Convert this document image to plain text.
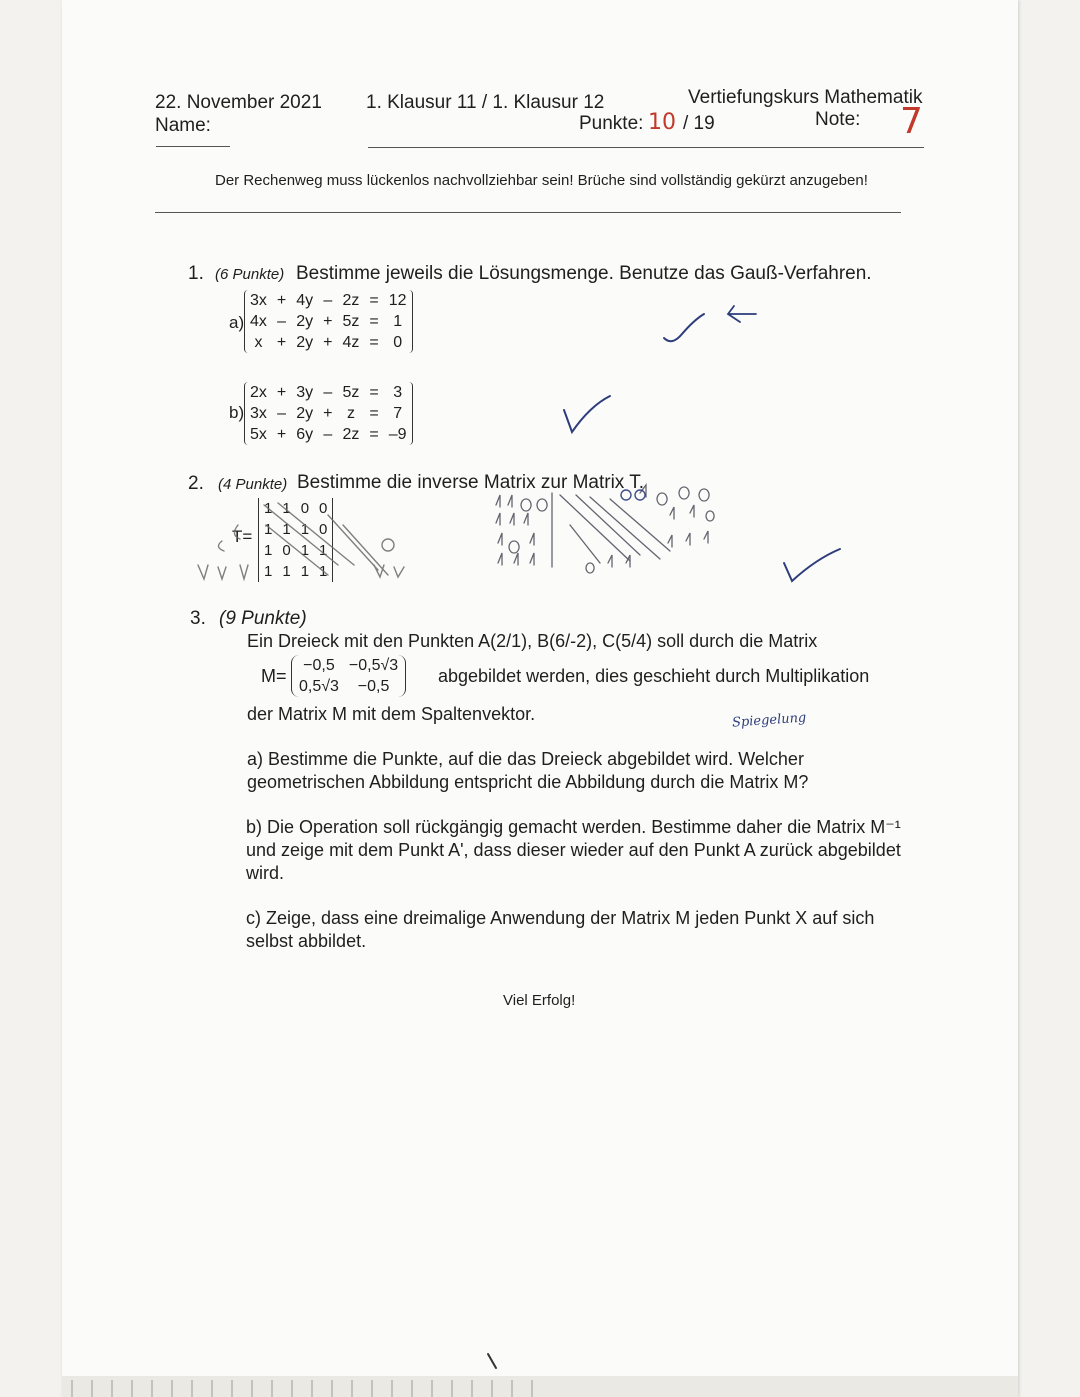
22. November 2021
Name:
1. Klausur 11 / 1. Klausur 12	Vertiefungskurs Mathematik
Punkte: 10 / 19	Note: 7
Der Rechenweg muss lückenlos nachvollziehbar sein! Brüche sind vollständig gekürzt anzugeben!
1. (6 Punkte) Bestimme jeweils die Lösungsmenge. Benutze das Gauß-Verfahren.
a)
3x	+	4y	–	2z	=	12
4x	–	2y	+	5z	=	1
x	+	2y	+	4z	=	0
b)
2x	+	3y	–	5z	=	3
3x	–	2y	+	z	=	7
5x	+	6y	–	2z	=	–9
2. (4 Punkte) Bestimme die inverse Matrix zur Matrix T.
T=
1	1	0	0
1	1	1	0
1	0	1	1
1	1	1	1
3. (9 Punkte)
Ein Dreieck mit den Punkten A(2/1), B(6/-2), C(5/4) soll durch die Matrix
M=
−0,5	−0,5√3
0,5√3	−0,5
abgebildet werden, dies geschieht durch Multiplikation
der Matrix M mit dem Spaltenvektor.	Spiegelung
a) Bestimme die Punkte, auf die das Dreieck abgebildet wird. Welcher geometrischen Abbildung entspricht die Abbildung durch die Matrix M?
b) Die Operation soll rückgängig gemacht werden. Bestimme daher die Matrix M⁻¹ und zeige mit dem Punkt A', dass dieser wieder auf den Punkt A zurück abgebildet wird.
c) Zeige, dass eine dreimalige Anwendung der Matrix M jeden Punkt X auf sich selbst abbildet.
Viel Erfolg!
